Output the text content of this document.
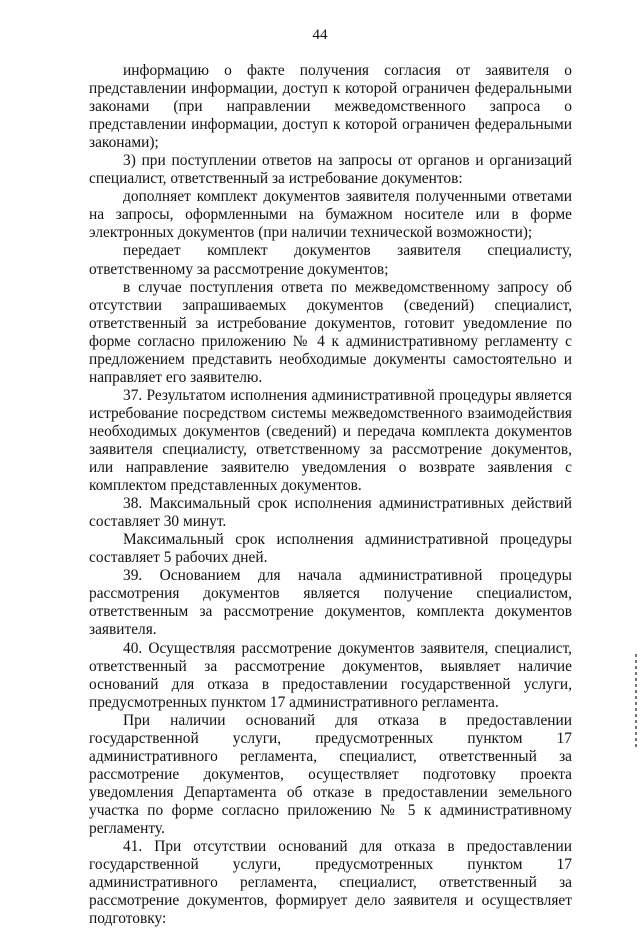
44

информацию о факте получения согласия от заявителя о представлении информации, доступ к которой ограничен федеральными законами (при направлении межведомственного запроса о представлении информации, доступ к которой ограничен федеральными законами);

3) при поступлении ответов на запросы от органов и организаций специалист, ответственный за истребование документов:

дополняет комплект документов заявителя полученными ответами на запросы, оформленными на бумажном носителе или в форме электронных документов (при наличии технической возможности);

передает комплект документов заявителя специалисту, ответственному за рассмотрение документов;

в случае поступления ответа по межведомственному запросу об отсутствии запрашиваемых документов (сведений) специалист, ответственный за истребование документов, готовит уведомление по форме согласно приложению № 4 к административному регламенту с предложением представить необходимые документы самостоятельно и направляет его заявителю.

37. Результатом исполнения административной процедуры является истребование посредством системы межведомственного взаимодействия необходимых документов (сведений) и передача комплекта документов заявителя специалисту, ответственному за рассмотрение документов, или направление заявителю уведомления о возврате заявления с комплектом представленных документов.

38. Максимальный срок исполнения административных действий составляет 30 минут.

Максимальный срок исполнения административной процедуры составляет 5 рабочих дней.

39. Основанием для начала административной процедуры рассмотрения документов является получение специалистом, ответственным за рассмотрение документов, комплекта документов заявителя.

40. Осуществляя рассмотрение документов заявителя, специалист, ответственный за рассмотрение документов, выявляет наличие оснований для отказа в предоставлении государственной услуги, предусмотренных пунктом 17 административного регламента.

При наличии оснований для отказа в предоставлении государственной услуги, предусмотренных пунктом 17 административного регламента, специалист, ответственный за рассмотрение документов, осуществляет подготовку проекта уведомления Департамента об отказе в предоставлении земельного участка по форме согласно приложению № 5 к административному регламенту.

41. При отсутствии оснований для отказа в предоставлении государственной услуги, предусмотренных пунктом 17 административного регламента, специалист, ответственный за рассмотрение документов, формирует дело заявителя и осуществляет подготовку:
